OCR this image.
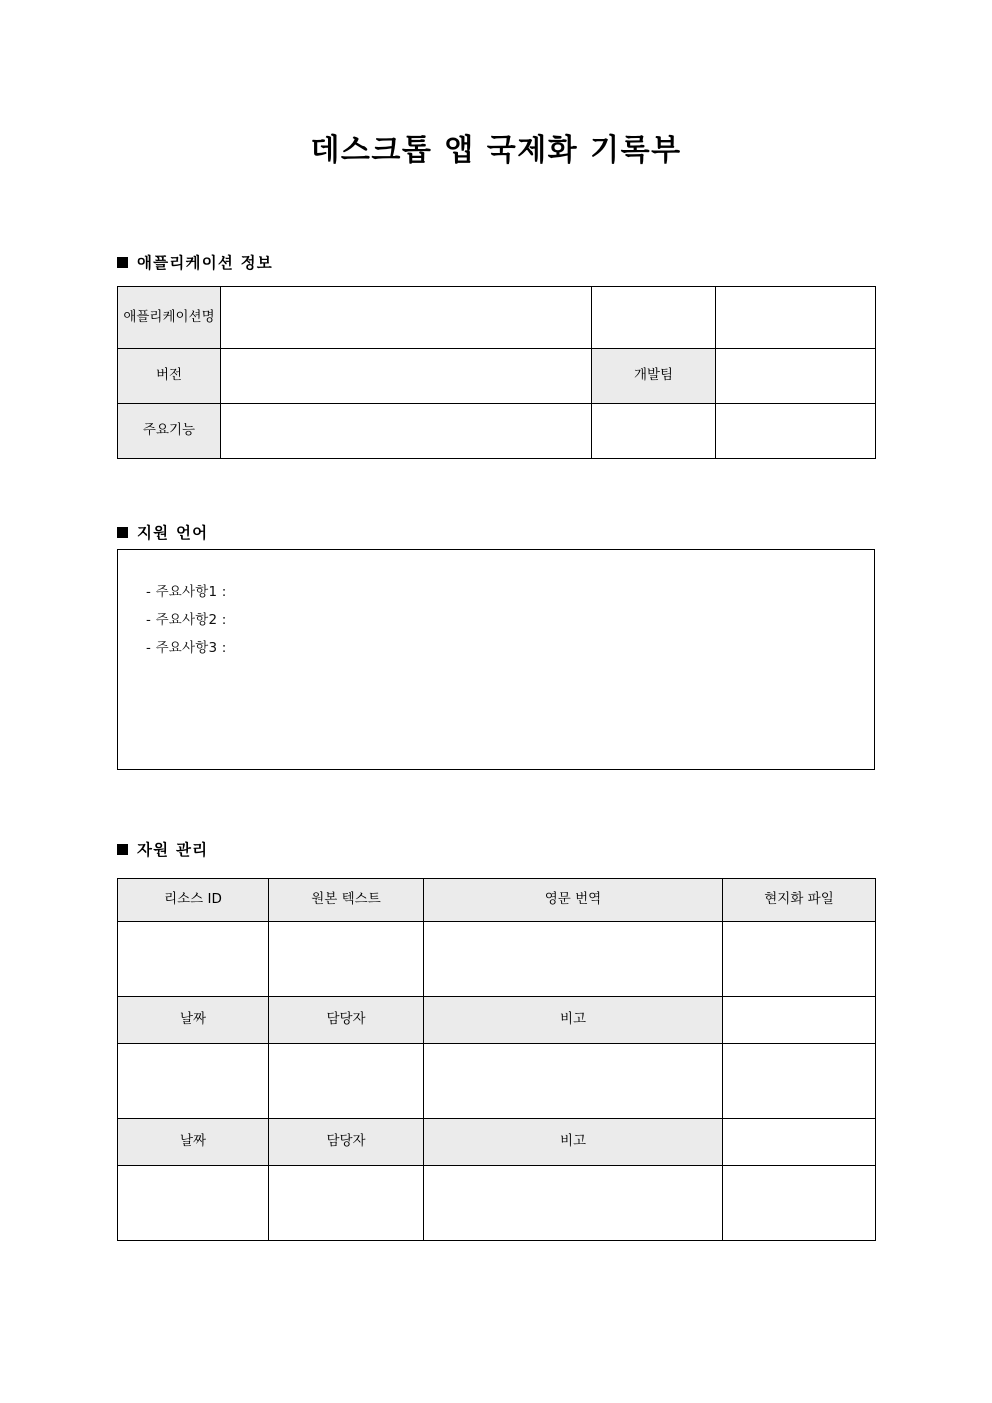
데스크톱 앱 국제화 기록부
애플리케이션 정보
애플리케이션명			
버전		개발팀	
주요기능			
지원 언어
- 주요사항1 :
- 주요사항2 :
- 주요사항3 :
자원 관리
리소스 ID	원본 텍스트	영문 번역	현지화 파일

날짜	담당자	비고	

날짜	담당자	비고	
